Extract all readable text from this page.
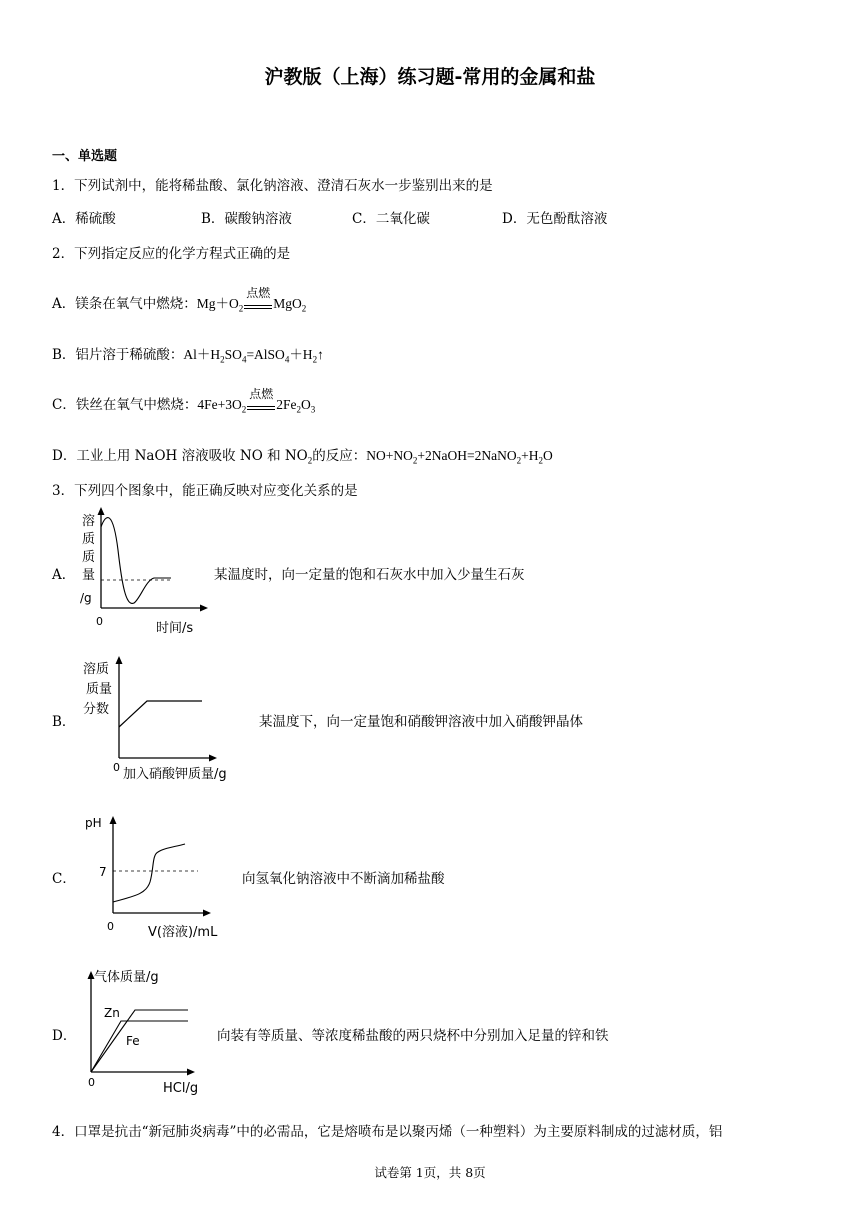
沪教版（上海）练习题-常用的金属和盐
一、单选题
1．下列试剂中，能将稀盐酸、氯化钠溶液、澄清石灰水一步鉴别出来的是
A．稀硫酸	B．碳酸钠溶液	C．二氧化碳	D．无色酚酞溶液
2．下列指定反应的化学方程式正确的是
A．镁条在氧气中燃烧：$Mg+O_2$
点燃
MgO$_2$
B．铝片溶于稀硫酸：$Al+H_2SO_4=AlSO_4+H_2↑$
C．铁丝在氧气中燃烧：$4Fe+3O_2$
点燃
$2Fe_2O_3$
D．工业上用 NaOH 溶液吸收 NO 和 $NO_2$的反应：$NO+NO_2+2NaOH=2NaNO_2+H_2O$
3．下列四个图象中，能正确反映对应变化关系的是
A．
溶
质
质
量
/g
0	时间/s
某温度时，向一定量的饱和石灰水中加入少量生石灰
B．
溶质
质量
分数
0 加入硝酸钾质量/g
某温度下，向一定量饱和硝酸钾溶液中加入硝酸钾晶体
C．
pH
7
0	V(溶液)/mL
向氢氧化钠溶液中不断滴加稀盐酸
D．
气体质量/g
Zn
Fe
0	HCl/g
向装有等质量、等浓度稀盐酸的两只烧杯中分别加入足量的锌和铁
4．口罩是抗击“新冠肺炎病毒”中的必需品，它是熔喷布是以聚丙烯（一种塑料）为主要原料制成的过滤材质，铝
试卷第 1页，共 8页
